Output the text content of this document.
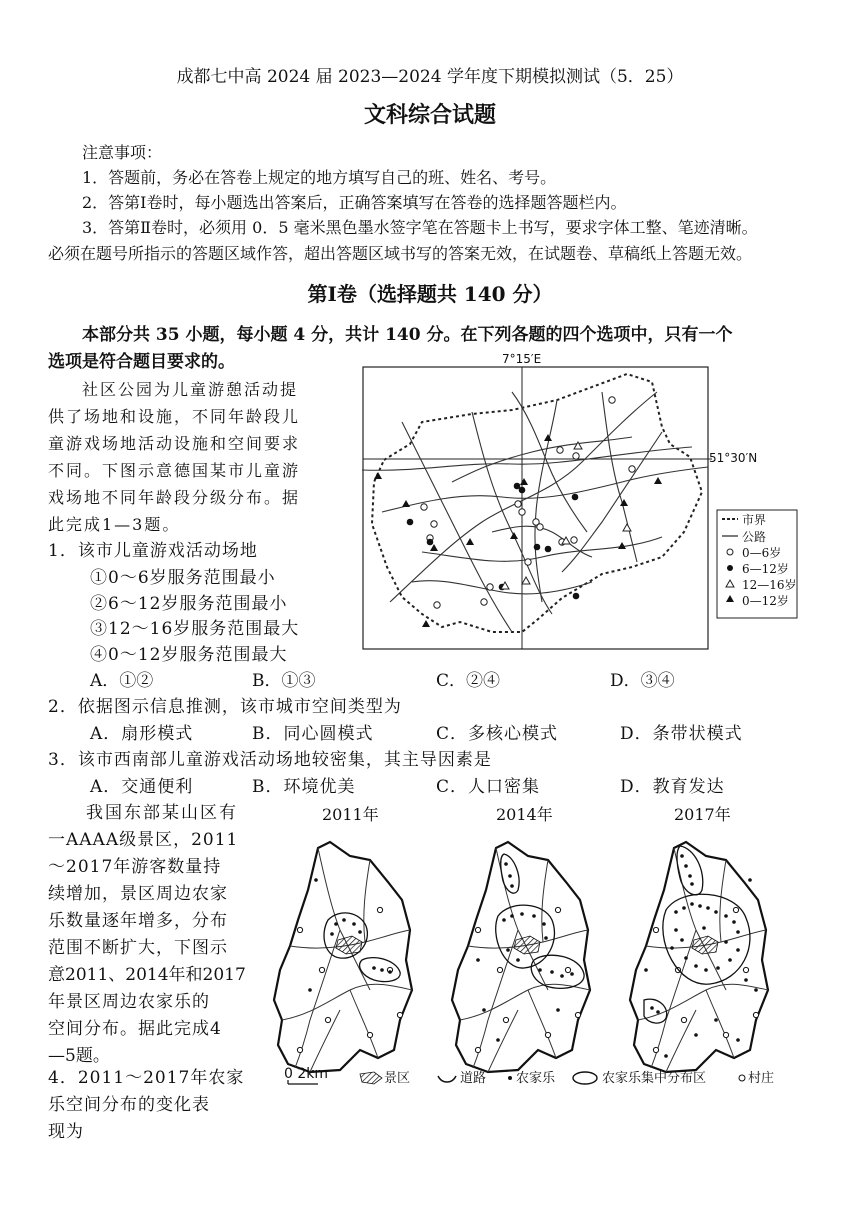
成都七中高 2024 届 2023—2024 学年度下期模拟测试（5．25）
文科综合试题
注意事项：
1．答题前，务必在答卷上规定的地方填写自己的班、姓名、考号。
2．答第Ⅰ卷时，每小题选出答案后，正确答案填写在答卷的选择题答题栏内。
3．答第Ⅱ卷时，必须用 0．5 毫米黑色墨水签字笔在答题卡上书写，要求字体工整、笔迹清晰。
必须在题号所指示的答题区域作答，超出答题区域书写的答案无效，在试题卷、草稿纸上答题无效。
第Ⅰ卷（选择题共 140 分）
本部分共 35 小题，每小题 4 分，共计 140 分。在下列各题的四个选项中，只有一个
选项是符合题目要求的。
社区公园为儿童游憩活动提
供了场地和设施，不同年龄段儿
童游戏场地活动设施和空间要求
不同。下图示意德国某市儿童游
戏场地不同年龄段分级分布。据
此完成1—3题。
7°15′E
51°30′N
市界
公路
0—6岁
6—12岁
12—16岁
0—12岁
1．该市儿童游戏活动场地
①0～6岁服务范围最小
②6～12岁服务范围最小
③12～16岁服务范围最大
④0～12岁服务范围最大
A．①②	B．①③	C．②④	D．③④
2．依据图示信息推测，该市城市空间类型为
A．扇形模式	B．同心圆模式	C．多核心模式	D．条带状模式
3．该市西南部儿童游戏活动场地较密集，其主导因素是
A．交通便利	B．环境优美	C．人口密集	D．教育发达
我国东部某山区有
一AAAA级景区，2011
～2017年游客数量持
续增加，景区周边农家
乐数量逐年增多，分布
范围不断扩大，下图示
意2011、2014年和2017
年景区周边农家乐的
空间分布。据此完成4
—5题。
2011年	2014年	2017年
0 2km	景区	道路 农家乐	农家乐集中分布区	村庄
4．2011～2017年农家
乐空间分布的变化表
现为
